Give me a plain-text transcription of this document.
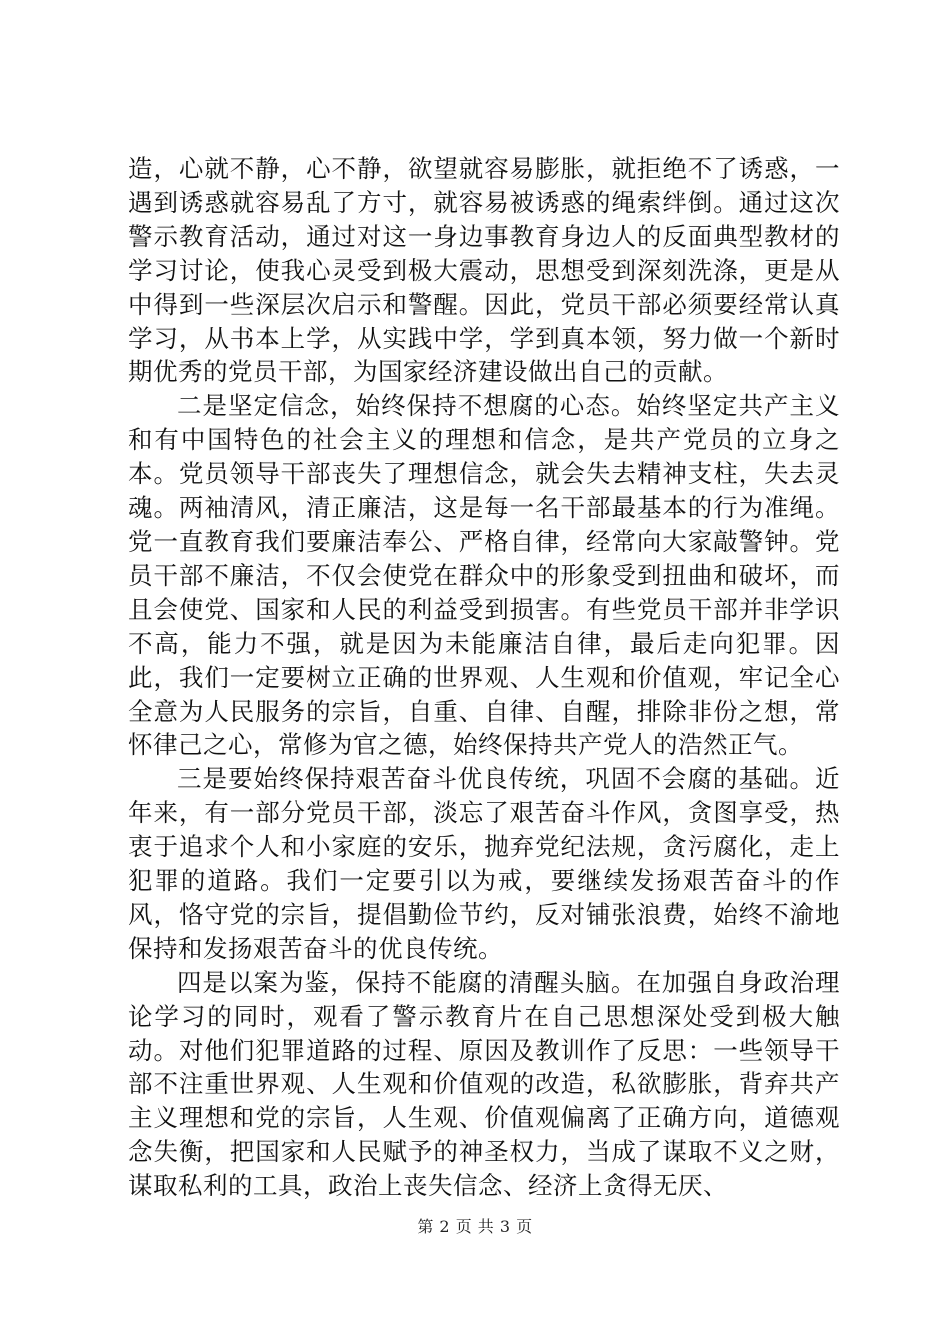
造，心就不静，心不静，欲望就容易膨胀，就拒绝不了诱惑，一遇到诱惑就容易乱了方寸，就容易被诱惑的绳索绊倒。通过这次警示教育活动，通过对这一身边事教育身边人的反面典型教材的学习讨论，使我心灵受到极大震动，思想受到深刻洗涤，更是从中得到一些深层次启示和警醒。因此，党员干部必须要经常认真学习，从书本上学，从实践中学，学到真本领，努力做一个新时期优秀的党员干部，为国家经济建设做出自己的贡献。

二是坚定信念，始终保持不想腐的心态。始终坚定共产主义和有中国特色的社会主义的理想和信念，是共产党员的立身之本。党员领导干部丧失了理想信念，就会失去精神支柱，失去灵魂。两袖清风，清正廉洁，这是每一名干部最基本的行为准绳。党一直教育我们要廉洁奉公、严格自律，经常向大家敲警钟。党员干部不廉洁，不仅会使党在群众中的形象受到扭曲和破坏，而且会使党、国家和人民的利益受到损害。有些党员干部并非学识不高，能力不强，就是因为未能廉洁自律，最后走向犯罪。因此，我们一定要树立正确的世界观、人生观和价值观，牢记全心全意为人民服务的宗旨，自重、自律、自醒，排除非份之想，常怀律己之心，常修为官之德，始终保持共产党人的浩然正气。

三是要始终保持艰苦奋斗优良传统，巩固不会腐的基础。近年来，有一部分党员干部，淡忘了艰苦奋斗作风，贪图享受，热衷于追求个人和小家庭的安乐，抛弃党纪法规，贪污腐化，走上犯罪的道路。我们一定要引以为戒，要继续发扬艰苦奋斗的作风，恪守党的宗旨，提倡勤俭节约，反对铺张浪费，始终不渝地保持和发扬艰苦奋斗的优良传统。

四是以案为鉴，保持不能腐的清醒头脑。在加强自身政治理论学习的同时，观看了警示教育片在自己思想深处受到极大触动。对他们犯罪道路的过程、原因及教训作了反思：一些领导干部不注重世界观、人生观和价值观的改造，私欲膨胀，背弃共产主义理想和党的宗旨，人生观、价值观偏离了正确方向，道德观念失衡，把国家和人民赋予的神圣权力，当成了谋取不义之财，谋取私利的工具，政治上丧失信念、经济上贪得无厌、

第 2 页 共 3 页
